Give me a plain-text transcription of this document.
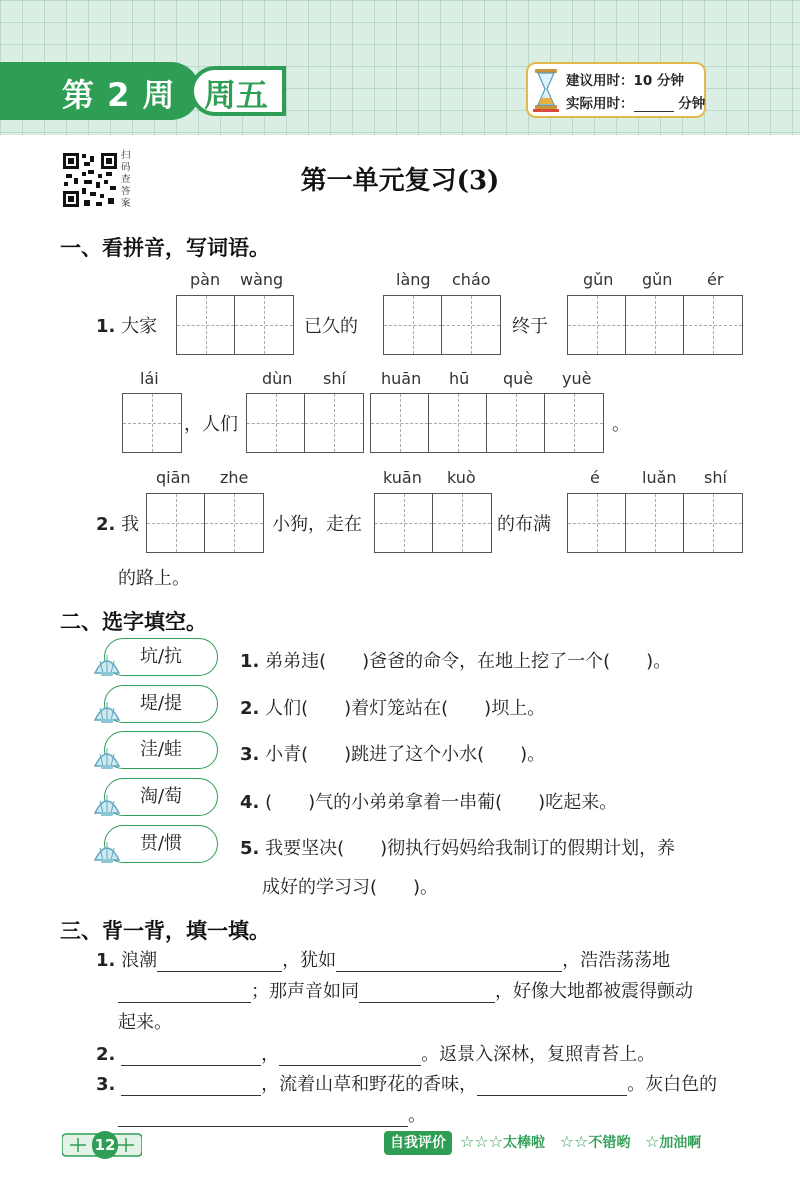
第 2 周 周五	建议用时：10 分钟
实际用时：	分钟
扫码查答案
第一单元复习(3)
一、看拼音，写词语。
pàn wàng	làng cháo	gǔn gǔn ér
1. 大家	已久的	终于
lái	dùn shí huān hū què yuè
，人们	。
qiān zhe	kuān kuò	é	luǎn shí
2. 我	小狗，走在	的布满
的路上。
二、选字填空。
坑/抗	1. 弟弟违(　　)爸爸的命令，在地上挖了一个(　　)。
堤/提	2. 人们(　　)着灯笼站在(　　)坝上。
洼/蛙	3. 小青(　　)跳进了这个小水(　　)。
淘/萄	4. (　　)气的小弟弟拿着一串葡(　　)吃起来。
贯/惯	5. 我要坚决(　　)彻执行妈妈给我制订的假期计划，养
成好的学习习(　　)。
三、背一背，填一填。
1. 浪潮	，犹如	，浩浩荡荡地
；那声音如同	，好像大地都被震得颤动
起来。
2.	，	。返景入深林，复照青苔上。
3.	，流着山草和野花的香味，	。灰白色的
。
12	自我评价 ☆☆☆太棒啦 ☆☆不错哟 ☆加油啊
